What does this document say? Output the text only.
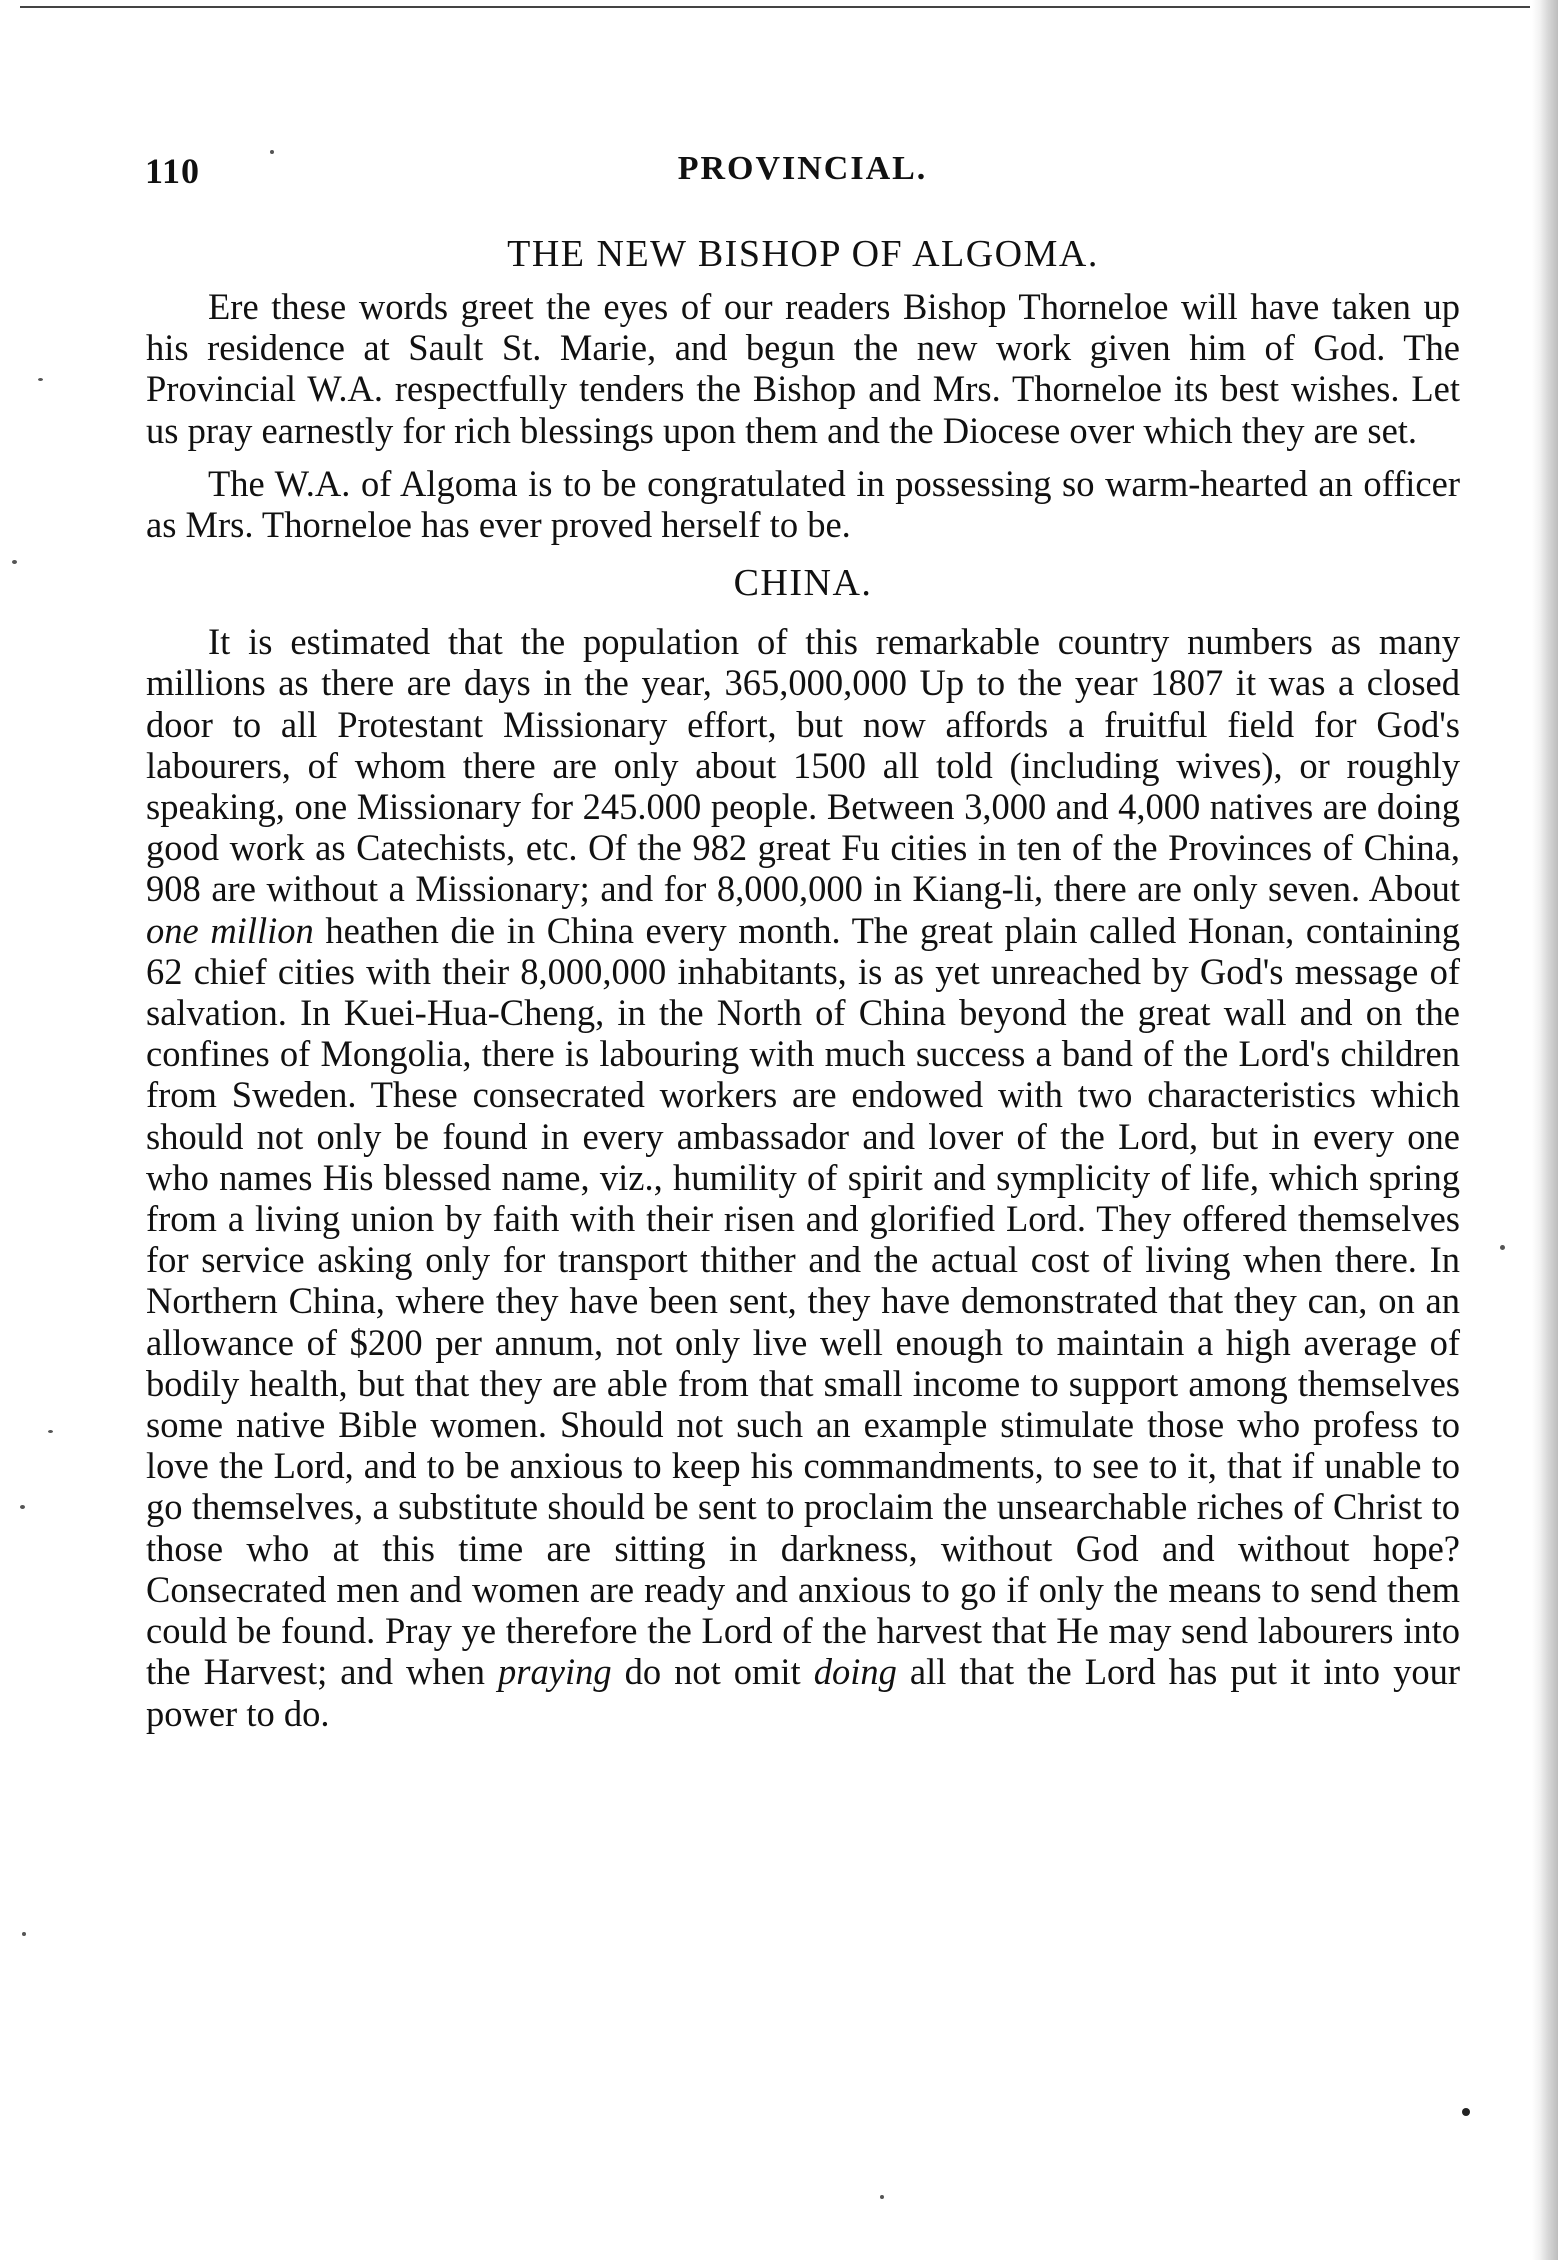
110	PROVINCIAL.
THE NEW BISHOP OF ALGOMA.

Ere these words greet the eyes of our readers Bishop Thorneloe will have taken up his residence at Sault St. Marie, and begun the new work given him of God. The Provincial W.A. respectfully tenders the Bishop and Mrs. Thorneloe its best wishes. Let us pray earnestly for rich blessings upon them and the Diocese over which they are set.

The W.A. of Algoma is to be congratulated in possessing so warm-hearted an officer as Mrs. Thorneloe has ever proved herself to be.

CHINA.

It is estimated that the population of this remarkable country numbers as many millions as there are days in the year, 365,000,000 Up to the year 1807 it was a closed door to all Protestant Missionary effort, but now affords a fruitful field for God's labourers, of whom there are only about 1500 all told (including wives), or roughly speaking, one Missionary for 245.000 people. Between 3,000 and 4,000 natives are doing good work as Catechists, etc. Of the 982 great Fu cities in ten of the Provinces of China, 908 are without a Missionary; and for 8,000,000 in Kiang-li, there are only seven. About one million heathen die in China every month. The great plain called Honan, containing 62 chief cities with their 8,000,000 inhabitants, is as yet unreached by God's message of salvation. In Kuei-Hua-Cheng, in the North of China beyond the great wall and on the confines of Mongolia, there is labouring with much success a band of the Lord's children from Sweden. These consecrated workers are endowed with two characteristics which should not only be found in every ambassador and lover of the Lord, but in every one who names His blessed name, viz., humility of spirit and symplicity of life, which spring from a living union by faith with their risen and glorified Lord. They offered themselves for service asking only for transport thither and the actual cost of living when there. In Northern China, where they have been sent, they have demonstrated that they can, on an allowance of $200 per annum, not only live well enough to maintain a high average of bodily health, but that they are able from that small income to support among themselves some native Bible women. Should not such an example stimulate those who profess to love the Lord, and to be anxious to keep his commandments, to see to it, that if unable to go themselves, a substitute should be sent to proclaim the unsearchable riches of Christ to those who at this time are sitting in darkness, without God and without hope? Consecrated men and women are ready and anxious to go if only the means to send them could be found. Pray ye therefore the Lord of the harvest that He may send labourers into the Harvest; and when praying do not omit doing all that the Lord has put it into your power to do.
